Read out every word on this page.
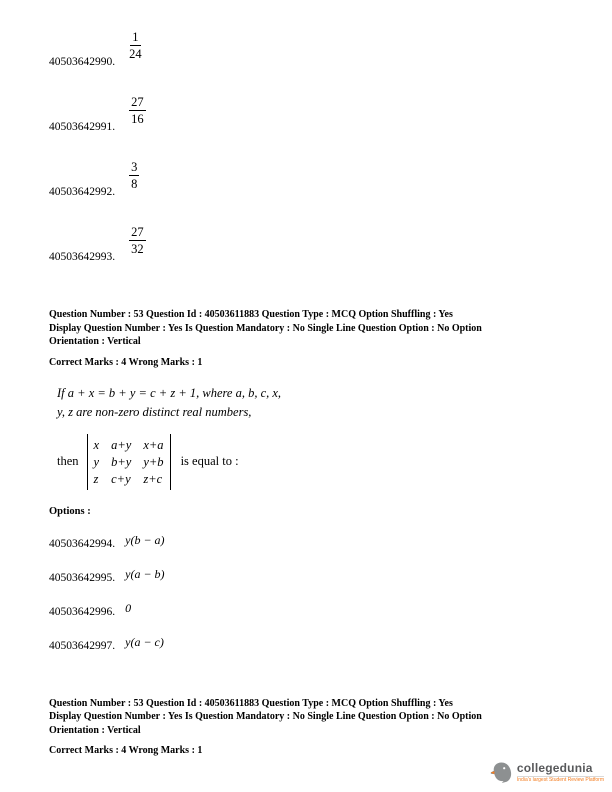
40503642990.
$\frac{1}{24}$
40503642991.
$\frac{27}{16}$
40503642992.
$\frac{3}{8}$
40503642993.
$\frac{27}{32}$
Question Number : 53 Question Id : 40503611883 Question Type : MCQ Option Shuffling : Yes
Display Question Number : Yes Is Question Mandatory : No Single Line Question Option : No Option
Orientation : Vertical
Correct Marks : 4 Wrong Marks : 1
If a + x = b + y = c + z + 1, where a, b, c, x,
y, z are non-zero distinct real numbers,
then
x a+y x+a
y b+y y+b
z c+y z+c
is equal to :
Options :
40503642994. y(b − a)
40503642995. y(a − b)
40503642996. 0
40503642997. y(a − c)
Question Number : 53 Question Id : 40503611883 Question Type : MCQ Option Shuffling : Yes
Display Question Number : Yes Is Question Mandatory : No Single Line Question Option : No Option
Orientation : Vertical
Correct Marks : 4 Wrong Marks : 1
collegedunia
India's largest Student Review Platform
